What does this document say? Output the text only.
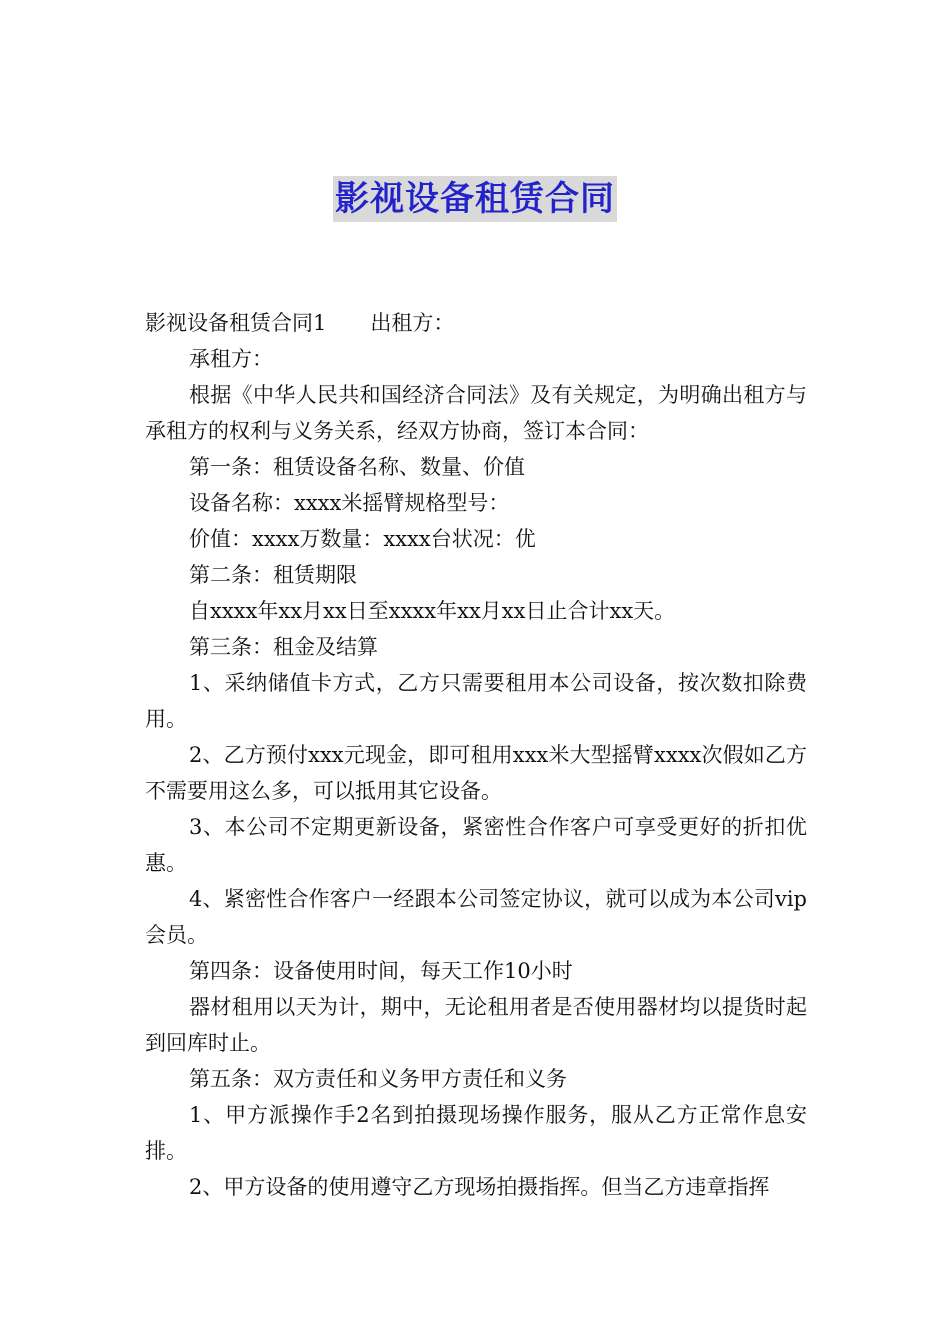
影视设备租赁合同
影视设备租赁合同1 出租方：

承租方：

根据《中华人民共和国经济合同法》及有关规定，为明确出租方与承租方的权利与义务关系，经双方协商，签订本合同：

第一条：租赁设备名称、数量、价值

设备名称：xxxx米摇臂规格型号：

价值：xxxx万数量：xxxx台状况：优

第二条：租赁期限

自xxxx年xx月xx日至xxxx年xx月xx日止合计xx天。

第三条：租金及结算

1、采纳储值卡方式，乙方只需要租用本公司设备，按次数扣除费用。

2、乙方预付xxx元现金，即可租用xxx米大型摇臂xxxx次假如乙方不需要用这么多，可以抵用其它设备。

3、本公司不定期更新设备，紧密性合作客户可享受更好的折扣优惠。

4、紧密性合作客户一经跟本公司签定协议，就可以成为本公司vip会员。

第四条：设备使用时间，每天工作10小时

器材租用以天为计，期中，无论租用者是否使用器材均以提货时起到回库时止。

第五条：双方责任和义务甲方责任和义务

1、甲方派操作手2名到拍摄现场操作服务，服从乙方正常作息安排。

2、甲方设备的使用遵守乙方现场拍摄指挥。但当乙方违章指挥
